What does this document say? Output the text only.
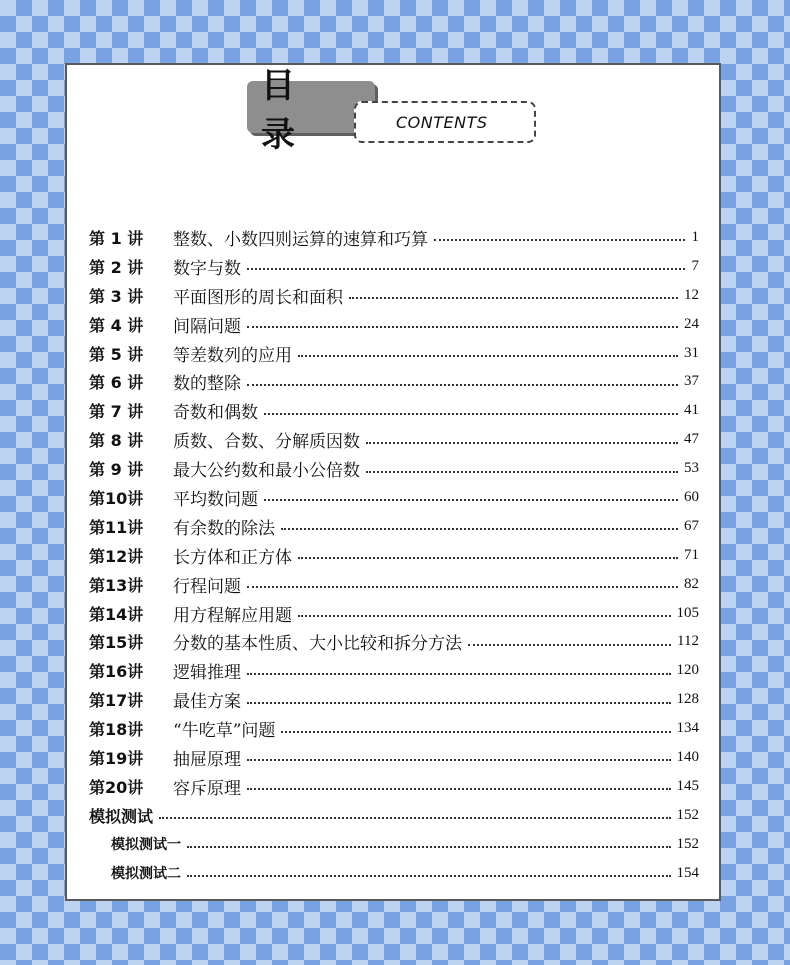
目 录	CONTENTS
第 1 讲	整数、小数四则运算的速算和巧算	1
第 2 讲	数字与数	7
第 3 讲	平面图形的周长和面积	12
第 4 讲	间隔问题	24
第 5 讲	等差数列的应用	31
第 6 讲	数的整除	37
第 7 讲	奇数和偶数	41
第 8 讲	质数、合数、分解质因数	47
第 9 讲	最大公约数和最小公倍数	53
第10讲	平均数问题	60
第11讲	有余数的除法	67
第12讲	长方体和正方体	71
第13讲	行程问题	82
第14讲	用方程解应用题	105
第15讲	分数的基本性质、大小比较和拆分方法	112
第16讲	逻辑推理	120
第17讲	最佳方案	128
第18讲	“牛吃草”问题	134
第19讲	抽屉原理	140
第20讲	容斥原理	145
模拟测试	152
模拟测试一	152
模拟测试二	154
